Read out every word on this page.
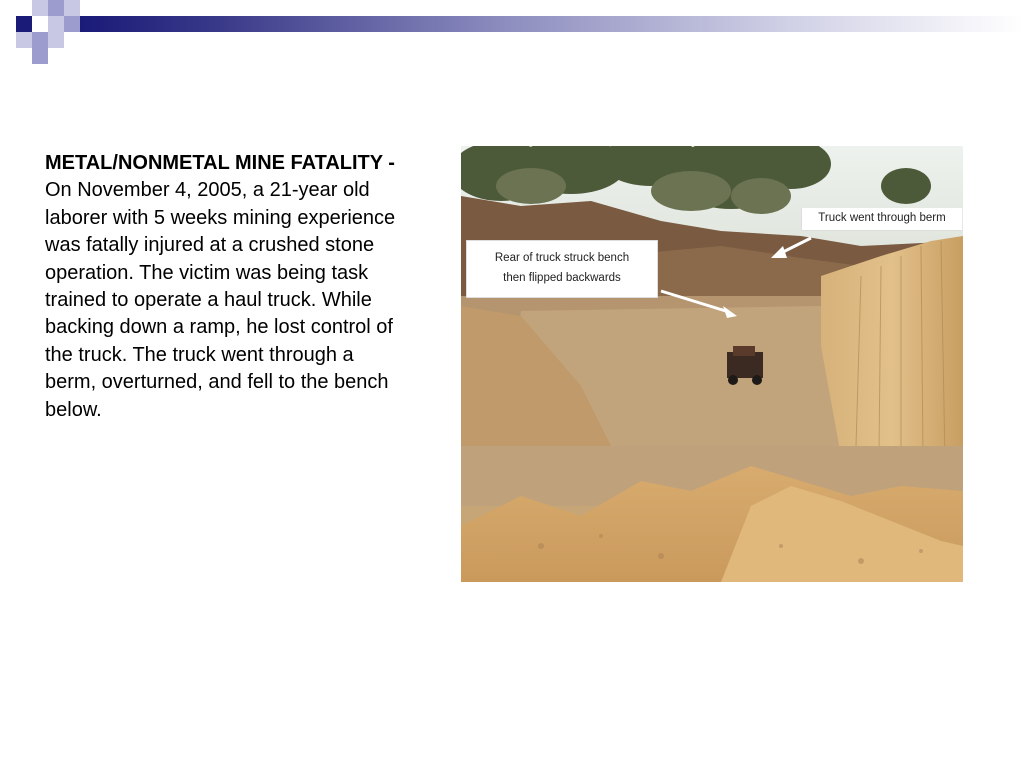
METAL/NONMETAL MINE FATALITY - On November 4, 2005, a 21-year old laborer with 5 weeks mining experience was fatally injured at a crushed stone operation. The victim was being task trained to operate a haul truck. While backing down a ramp, he lost control of the truck. The truck went through a berm, overturned, and fell to the bench below.
Truck went through berm
Rear of truck struck bench
then flipped backwards
